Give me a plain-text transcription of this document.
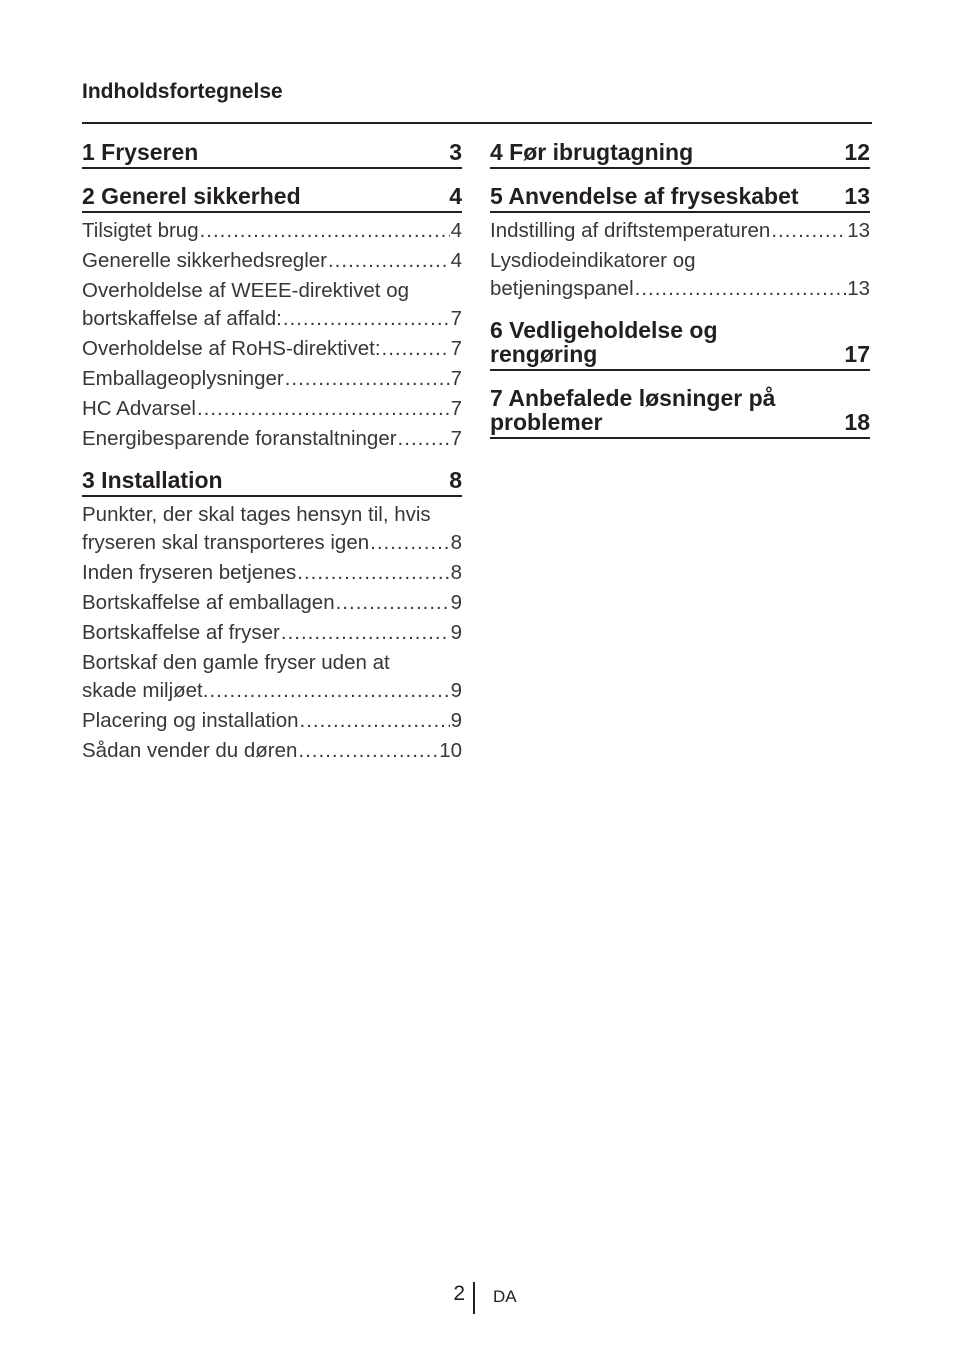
Indholdsfortegnelse
1 Fryseren	3
2 Generel sikkerhed	4
Tilsigtet brug .....	4
Generelle sikkerhedsregler .....	4
Overholdelse af WEEE-direktivet og
bortskaffelse af affald: .....	7
Overholdelse af RoHS-direktivet: .....	7
Emballageoplysninger .....	7
HC Advarsel .....	7
Energibesparende foranstaltninger .....	7
3 Installation	8
Punkter, der skal tages hensyn til, hvis
fryseren skal transporteres igen .....	8
Inden fryseren betjenes .....	8
Bortskaffelse af emballagen .....	9
Bortskaffelse af fryser .....	9
Bortskaf den gamle fryser uden at
skade miljøet. .....	9
Placering og installation .....	9
Sådan vender du døren .....	10
4 Før ibrugtagning	12
5 Anvendelse af fryseskabet 13
Indstilling af driftstemperaturen .....	13
Lysdiodeindikatorer og
betjeningspanel .....	13
6 Vedligeholdelse og
rengøring	17
7 Anbefalede løsninger på
problemer	18
2 DA
